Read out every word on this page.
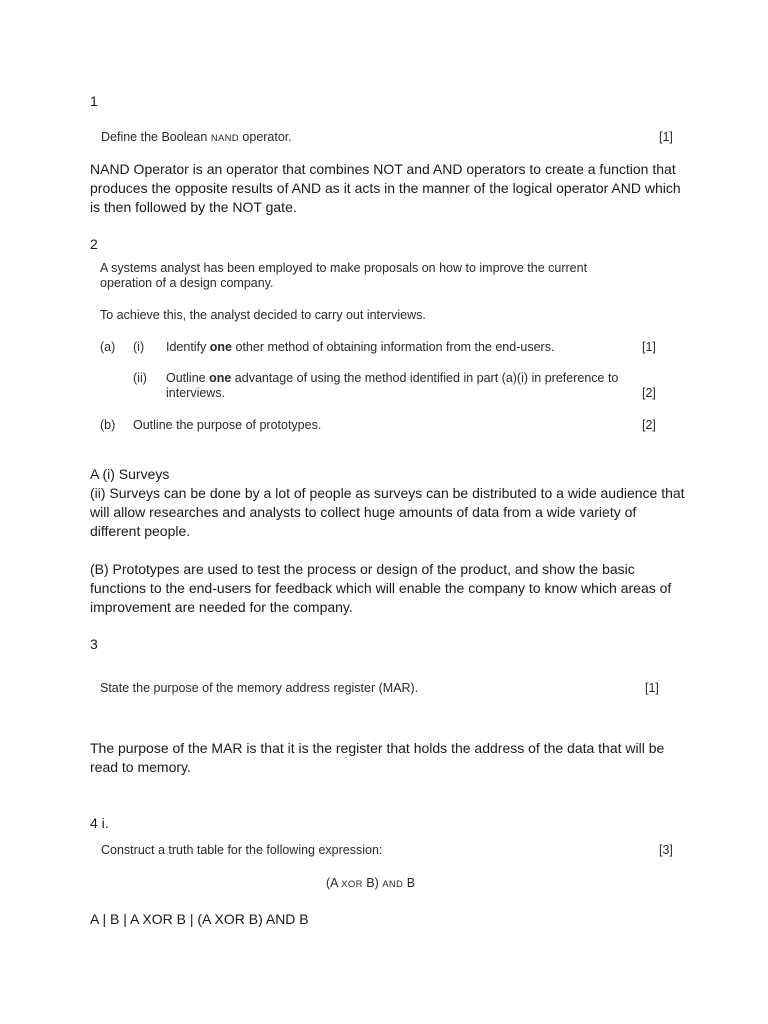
1
Define the Boolean NAND operator.	[1]

NAND Operator is an operator that combines NOT and AND operators to create a function that produces the opposite results of AND as it acts in the manner of the logical operator AND which is then followed by the NOT gate.

2
A systems analyst has been employed to make proposals on how to improve the current operation of a design company.
To achieve this, the analyst decided to carry out interviews.
(a) (i) Identify one other method of obtaining information from the end-users.	[1]
(ii) Outline one advantage of using the method identified in part (a)(i) in preference to interviews.	[2]
(b) Outline the purpose of prototypes.	[2]

A (i) Surveys

(ii) Surveys can be done by a lot of people as surveys can be distributed to a wide audience that will allow researches and analysts to collect huge amounts of data from a wide variety of different people.

(B) Prototypes are used to test the process or design of the product, and show the basic functions to the end-users for feedback which will enable the company to know which areas of improvement are needed for the company.

3
State the purpose of the memory address register (MAR).	[1]

The purpose of the MAR is that it is the register that holds the address of the data that will be read to memory.

4 i.
Construct a truth table for the following expression:	[3]
(A XOR B) AND B

A | B | A XOR B | (A XOR B) AND B
